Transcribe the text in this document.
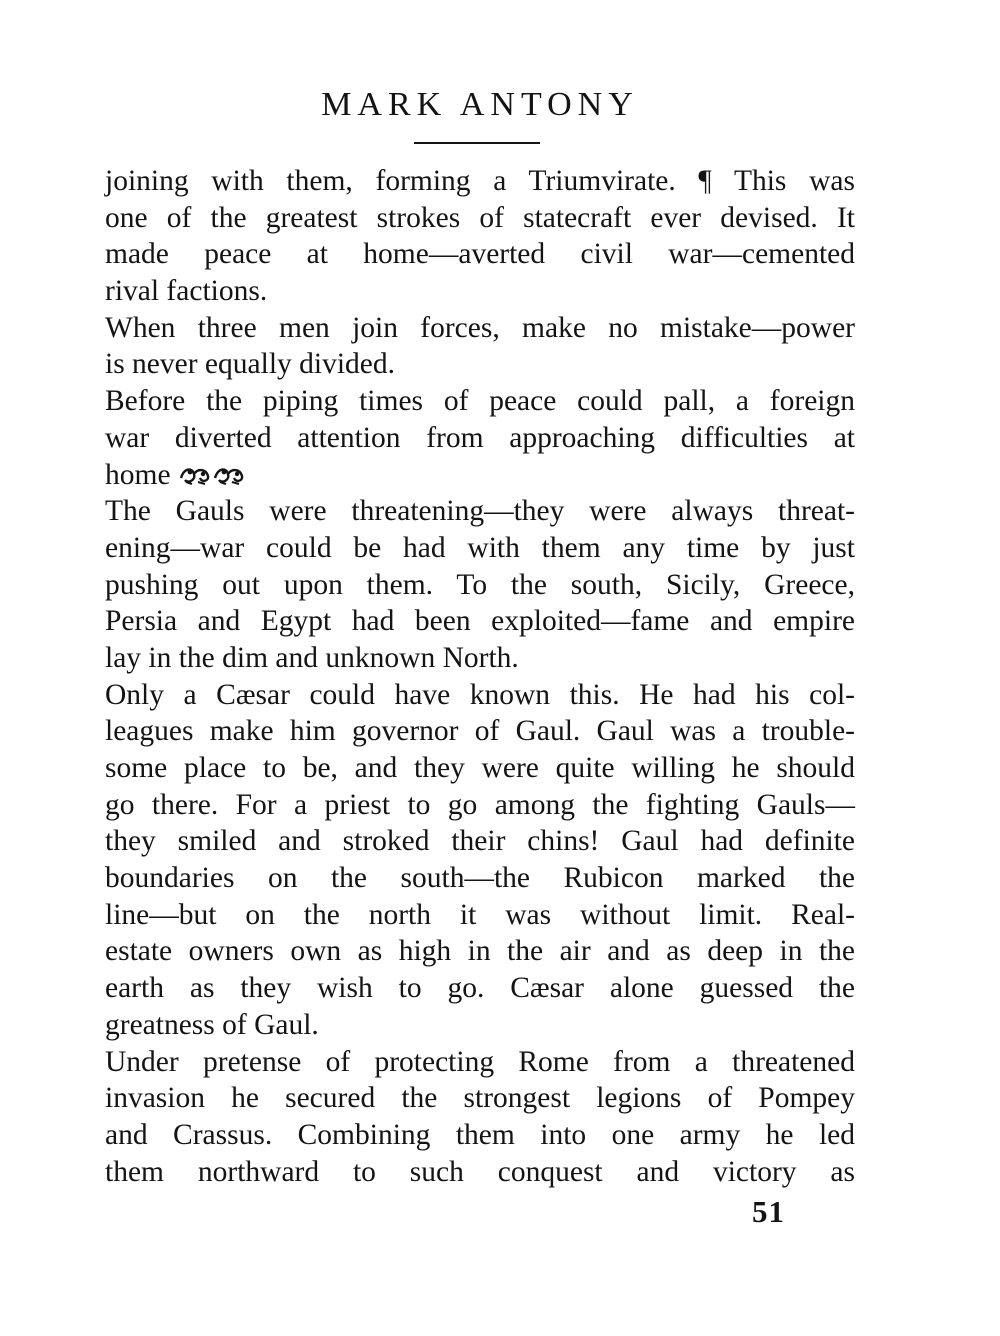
MARK ANTONY
joining with them, forming a Triumvirate. ¶ This was
one of the greatest strokes of statecraft ever devised. It
made peace at home—averted civil war—cemented
rival factions.
When three men join forces, make no mistake—power
is never equally divided.
Before the piping times of peace could pall, a foreign
war diverted attention from approaching difficulties at
home
The Gauls were threatening—they were always threat-
ening—war could be had with them any time by just
pushing out upon them. To the south, Sicily, Greece,
Persia and Egypt had been exploited—fame and empire
lay in the dim and unknown North.
Only a Cæsar could have known this. He had his col-
leagues make him governor of Gaul. Gaul was a trouble-
some place to be, and they were quite willing he should
go there. For a priest to go among the fighting Gauls—
they smiled and stroked their chins! Gaul had definite
boundaries on the south—the Rubicon marked the
line—but on the north it was without limit. Real-
estate owners own as high in the air and as deep in the
earth as they wish to go. Cæsar alone guessed the
greatness of Gaul.
Under pretense of protecting Rome from a threatened
invasion he secured the strongest legions of Pompey
and Crassus. Combining them into one army he led
them northward to such conquest and victory as
51
